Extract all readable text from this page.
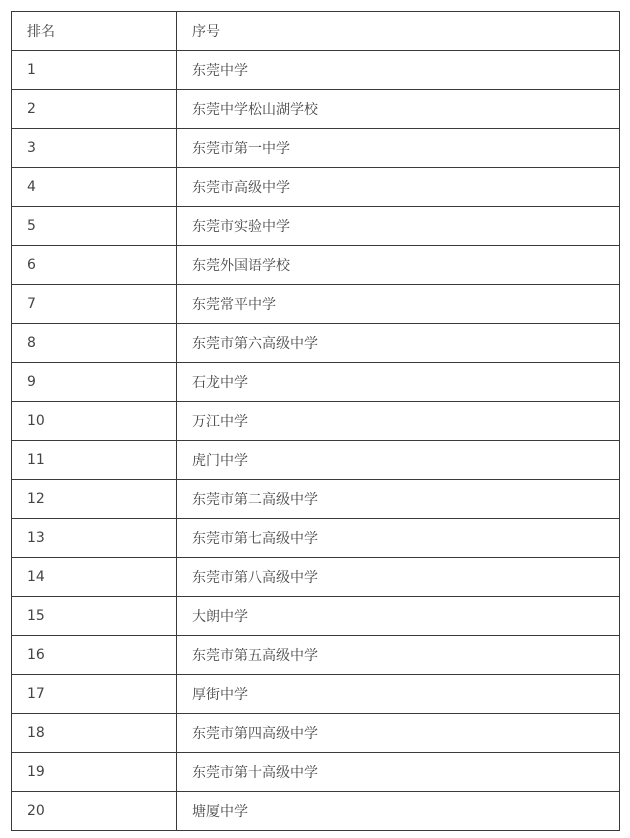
排名	序号
1	东莞中学
2	东莞中学松山湖学校
3	东莞市第一中学
4	东莞市高级中学
5	东莞市实验中学
6	东莞外国语学校
7	东莞常平中学
8	东莞市第六高级中学
9	石龙中学
10	万江中学
11	虎门中学
12	东莞市第二高级中学
13	东莞市第七高级中学
14	东莞市第八高级中学
15	大朗中学
16	东莞市第五高级中学
17	厚街中学
18	东莞市第四高级中学
19	东莞市第十高级中学
20	塘厦中学
